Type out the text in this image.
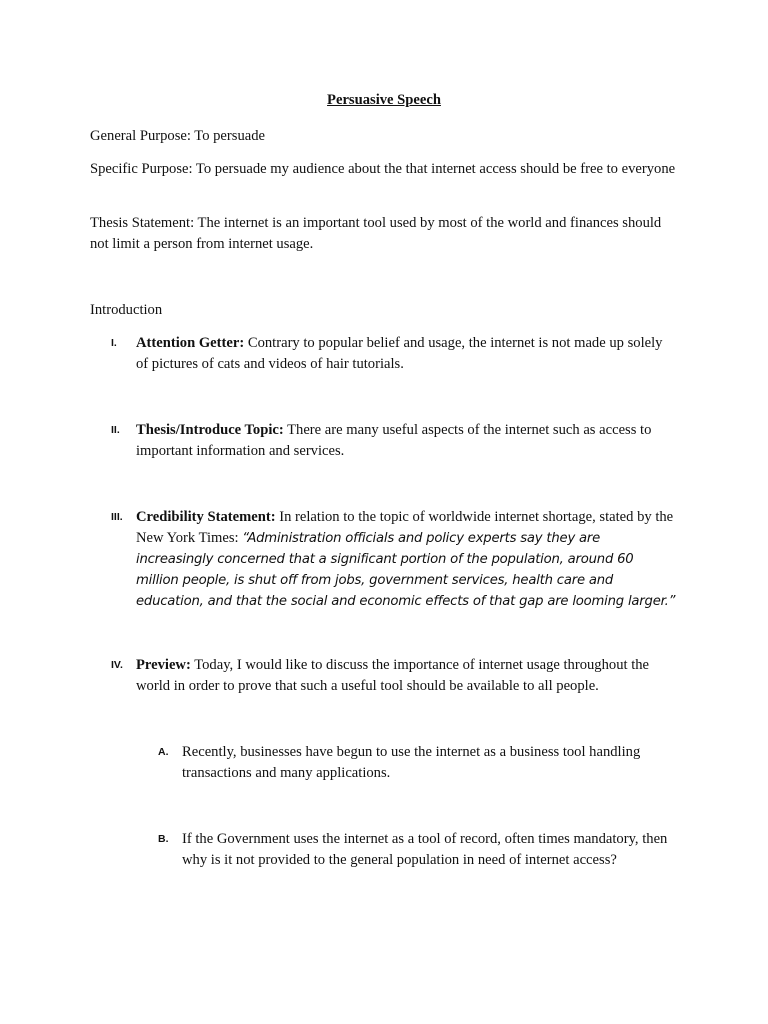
Persuasive Speech
General Purpose: To persuade
Specific Purpose: To persuade my audience about the that internet access should be free to everyone
Thesis Statement: The internet is an important tool used by most of the world and finances should not limit a person from internet usage.
Introduction
I. Attention Getter: Contrary to popular belief and usage, the internet is not made up solely of pictures of cats and videos of hair tutorials.
II. Thesis/Introduce Topic: There are many useful aspects of the internet such as access to important information and services.
III. Credibility Statement: In relation to the topic of worldwide internet shortage, stated by the New York Times: “Administration officials and policy experts say they are increasingly concerned that a significant portion of the population, around 60 million people, is shut off from jobs, government services, health care and education, and that the social and economic effects of that gap are looming larger.”
IV. Preview: Today, I would like to discuss the importance of internet usage throughout the world in order to prove that such a useful tool should be available to all people.
A. Recently, businesses have begun to use the internet as a business tool handling transactions and many applications.
B. If the Government uses the internet as a tool of record, often times mandatory, then why is it not provided to the general population in need of internet access?
